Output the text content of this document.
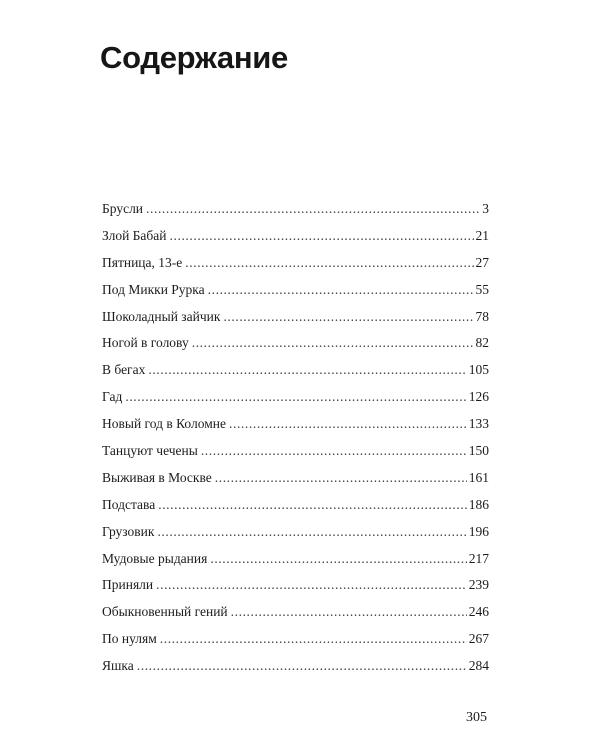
Содержание
Брусли .....	3
Злой Бабай .....	21
Пятница, 13-е .....	27
Под Микки Рурка .....	55
Шоколадный зайчик .....	78
Ногой в голову .....	82
В бегах .....	105
Гад .....	126
Новый год в Коломне .....	133
Танцуют чечены .....	150
Выживая в Москве .....	161
Подстава .....	186
Грузовик .....	196
Мудовые рыдания .....	217
Приняли .....	239
Обыкновенный гений .....	246
По нулям .....	267
Яшка .....	284
305
